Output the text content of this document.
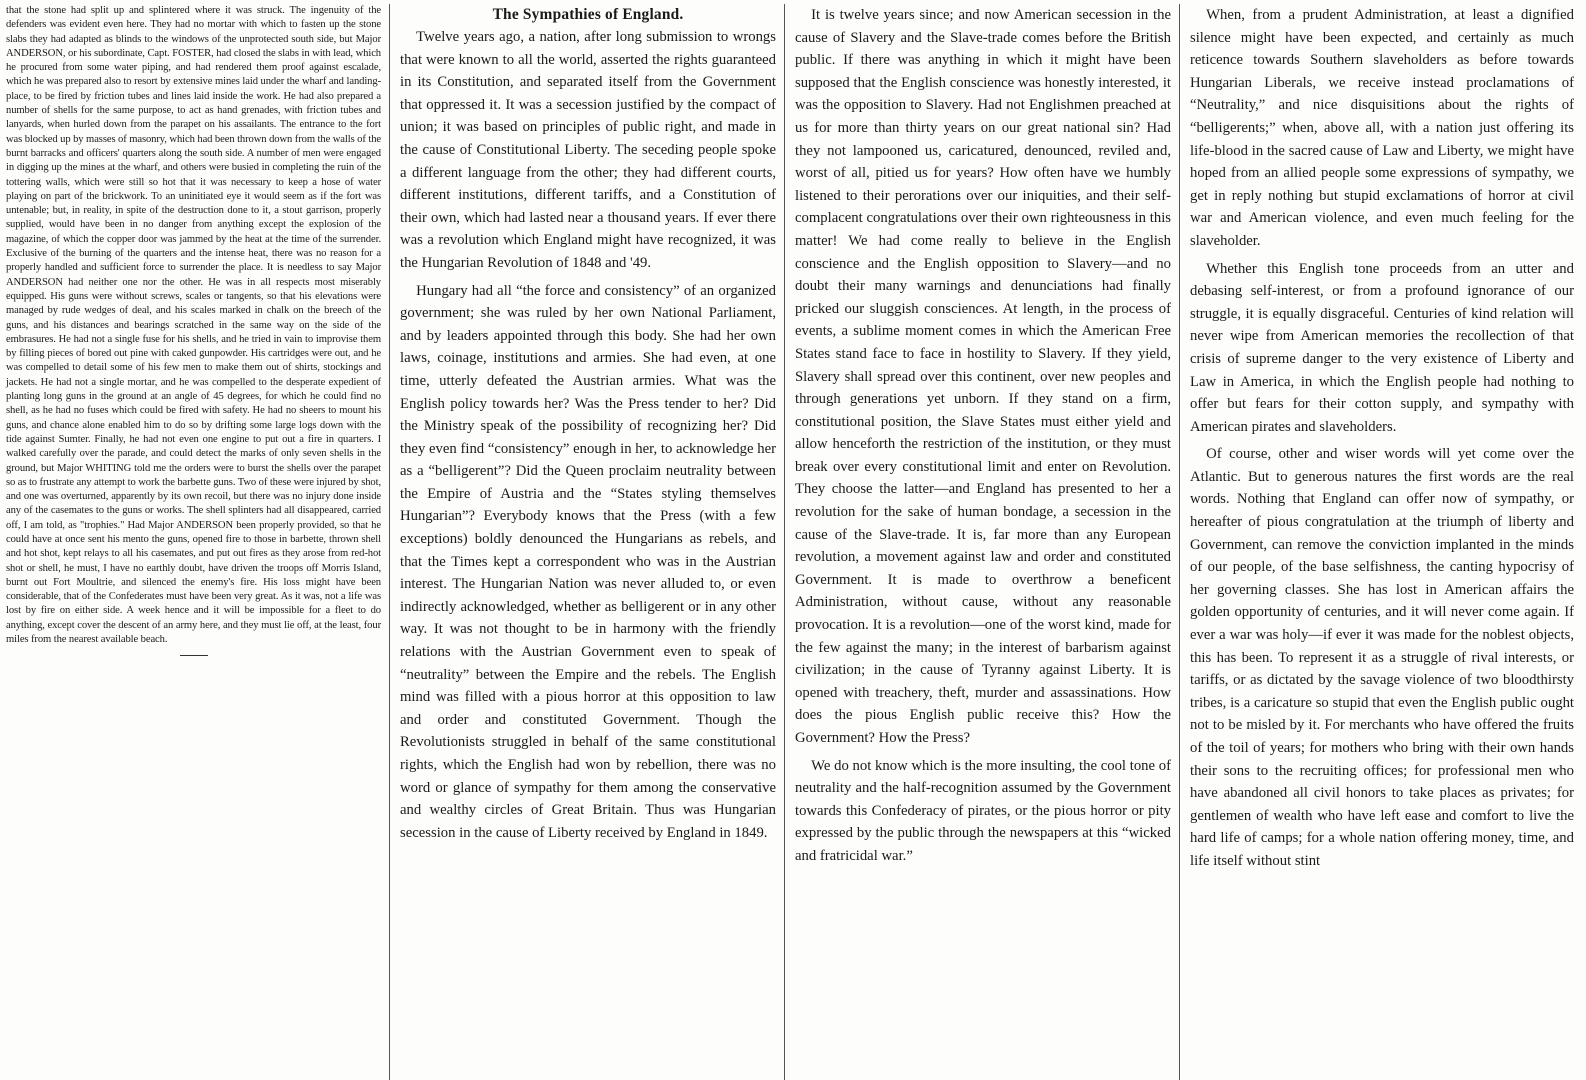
that the stone had split up and splintered where it was struck. The ingenuity of the defenders was evident even here. They had no mortar with which to fasten up the stone slabs they had adapted as blinds to the windows of the unprotected south side, but Major ANDERSON, or his subordinate, Capt. FOSTER, had closed the slabs in with lead, which he procured from some water piping, and had rendered them proof against escalade, which he was prepared also to resort by extensive mines laid under the wharf and landing-place, to be fired by friction tubes and lines laid inside the work. He had also prepared a number of shells for the same purpose, to act as hand grenades, with friction tubes and lanyards, when hurled down from the parapet on his assailants. The entrance to the fort was blocked up by masses of masonry, which had been thrown down from the walls of the burnt barracks and officers' quarters along the south side. A number of men were engaged in digging up the mines at the wharf, and others were busied in completing the ruin of the tottering walls, which were still so hot that it was necessary to keep a hose of water playing on part of the brickwork. To an uninitiated eye it would seem as if the fort was untenable; but, in reality, in spite of the destruction done to it, a stout garrison, properly supplied, would have been in no danger from anything except the explosion of the magazine, of which the copper door was jammed by the heat at the time of the surrender. Exclusive of the burning of the quarters and the intense heat, there was no reason for a properly handled and sufficient force to surrender the place. It is needless to say Major ANDERSON had neither one nor the other. He was in all respects most miserably equipped. His guns were without screws, scales or tangents, so that his elevations were managed by rude wedges of deal, and his scales marked in chalk on the breech of the guns, and his distances and bearings scratched in the same way on the side of the embrasures. He had not a single fuse for his shells, and he tried in vain to improvise them by filling pieces of bored out pine with caked gunpowder. His cartridges were out, and he was compelled to detail some of his few men to make them out of shirts, stockings and jackets. He had not a single mortar, and he was compelled to the desperate expedient of planting long guns in the ground at an angle of 45 degrees, for which he could find no shell, as he had no fuses which could be fired with safety. He had no sheers to mount his guns, and chance alone enabled him to do so by drifting some large logs down with the tide against Sumter. Finally, he had not even one engine to put out a fire in quarters. I walked carefully over the parade, and could detect the marks of only seven shells in the ground, but Major WHITING told me the orders were to burst the shells over the parapet so as to frustrate any attempt to work the barbette guns. Two of these were injured by shot, and one was overturned, apparently by its own recoil, but there was no injury done inside any of the casemates to the guns or works. The shell splinters had all disappeared, carried off, I am told, as "trophies." Had Major ANDERSON been properly provided, so that he could have at once sent his mento the guns, opened fire to those in barbette, thrown shell and hot shot, kept relays to all his casemates, and put out fires as they arose from red-hot shot or shell, he must, I have no earthly doubt, have driven the troops off Morris Island, burnt out Fort Moultrie, and silenced the enemy's fire. His loss might have been considerable, that of the Confederates must have been very great. As it was, not a life was lost by fire on either side. A week hence and it will be impossible for a fleet to do anything, except cover the descent of an army here, and they must lie off, at the least, four miles from the nearest available beach.

The Sympathies of England.

Twelve years ago, a nation, after long submission to wrongs that were known to all the world, asserted the rights guaranteed in its Constitution, and separated itself from the Government that oppressed it. It was a secession justified by the compact of union; it was based on principles of public right, and made in the cause of Constitutional Liberty. The seceding people spoke a different language from the other; they had different courts, different institutions, different tariffs, and a Constitution of their own, which had lasted near a thousand years. If ever there was a revolution which England might have recognized, it was the Hungarian Revolution of 1848 and '49.

Hungary had all “the force and consistency” of an organized government; she was ruled by her own National Parliament, and by leaders appointed through this body. She had her own laws, coinage, institutions and armies. She had even, at one time, utterly defeated the Austrian armies. What was the English policy towards her? Was the Press tender to her? Did the Ministry speak of the possibility of recognizing her? Did they even find “consistency” enough in her, to acknowledge her as a “belligerent”? Did the Queen proclaim neutrality between the Empire of Austria and the “States styling themselves Hungarian”? Everybody knows that the Press (with a few exceptions) boldly denounced the Hungarians as rebels, and that the Times kept a correspondent who was in the Austrian interest. The Hungarian Nation was never alluded to, or even indirectly acknowledged, whether as belligerent or in any other way. It was not thought to be in harmony with the friendly relations with the Austrian Government even to speak of “neutrality” between the Empire and the rebels. The English mind was filled with a pious horror at this opposition to law and order and constituted Government. Though the Revolutionists struggled in behalf of the same constitutional rights, which the English had won by rebellion, there was no word or glance of sympathy for them among the conservative and wealthy circles of Great Britain. Thus was Hungarian secession in the cause of Liberty received by England in 1849.

It is twelve years since; and now American secession in the cause of Slavery and the Slave-trade comes before the British public. If there was anything in which it might have been supposed that the English conscience was honestly interested, it was the opposition to Slavery. Had not Englishmen preached at us for more than thirty years on our great national sin? Had they not lampooned us, caricatured, denounced, reviled and, worst of all, pitied us for years? How often have we humbly listened to their perorations over our iniquities, and their self-complacent congratulations over their own righteousness in this matter! We had come really to believe in the English conscience and the English opposition to Slavery—and no doubt their many warnings and denunciations had finally pricked our sluggish consciences. At length, in the process of events, a sublime moment comes in which the American Free States stand face to face in hostility to Slavery. If they yield, Slavery shall spread over this continent, over new peoples and through generations yet unborn. If they stand on a firm, constitutional position, the Slave States must either yield and allow henceforth the restriction of the institution, or they must break over every constitutional limit and enter on Revolution. They choose the latter—and England has presented to her a revolution for the sake of human bondage, a secession in the cause of the Slave-trade. It is, far more than any European revolution, a movement against law and order and constituted Government. It is made to overthrow a beneficent Administration, without cause, without any reasonable provocation. It is a revolution—one of the worst kind, made for the few against the many; in the interest of barbarism against civilization; in the cause of Tyranny against Liberty. It is opened with treachery, theft, murder and assassinations. How does the pious English public receive this? How the Government? How the Press?

We do not know which is the more insulting, the cool tone of neutrality and the half-recognition assumed by the Government towards this Confederacy of pirates, or the pious horror or pity expressed by the public through the newspapers at this “wicked and fratricidal war.”

When, from a prudent Administration, at least a dignified silence might have been expected, and certainly as much reticence towards Southern slaveholders as before towards Hungarian Liberals, we receive instead proclamations of “Neutrality,” and nice disquisitions about the rights of “belligerents;” when, above all, with a nation just offering its life-blood in the sacred cause of Law and Liberty, we might have hoped from an allied people some expressions of sympathy, we get in reply nothing but stupid exclamations of horror at civil war and American violence, and even much feeling for the slaveholder.

Whether this English tone proceeds from an utter and debasing self-interest, or from a profound ignorance of our struggle, it is equally disgraceful. Centuries of kind relation will never wipe from American memories the recollection of that crisis of supreme danger to the very existence of Liberty and Law in America, in which the English people had nothing to offer but fears for their cotton supply, and sympathy with American pirates and slaveholders.

Of course, other and wiser words will yet come over the Atlantic. But to generous natures the first words are the real words. Nothing that England can offer now of sympathy, or hereafter of pious congratulation at the triumph of liberty and Government, can remove the conviction implanted in the minds of our people, of the base selfishness, the canting hypocrisy of her governing classes. She has lost in American affairs the golden opportunity of centuries, and it will never come again. If ever a war was holy—if ever it was made for the noblest objects, this has been. To represent it as a struggle of rival interests, or tariffs, or as dictated by the savage violence of two bloodthirsty tribes, is a caricature so stupid that even the English public ought not to be misled by it. For merchants who have offered the fruits of the toil of years; for mothers who bring with their own hands their sons to the recruiting offices; for professional men who have abandoned all civil honors to take places as privates; for gentlemen of wealth who have left ease and comfort to live the hard life of camps; for a whole nation offering money, time, and life itself without stint
